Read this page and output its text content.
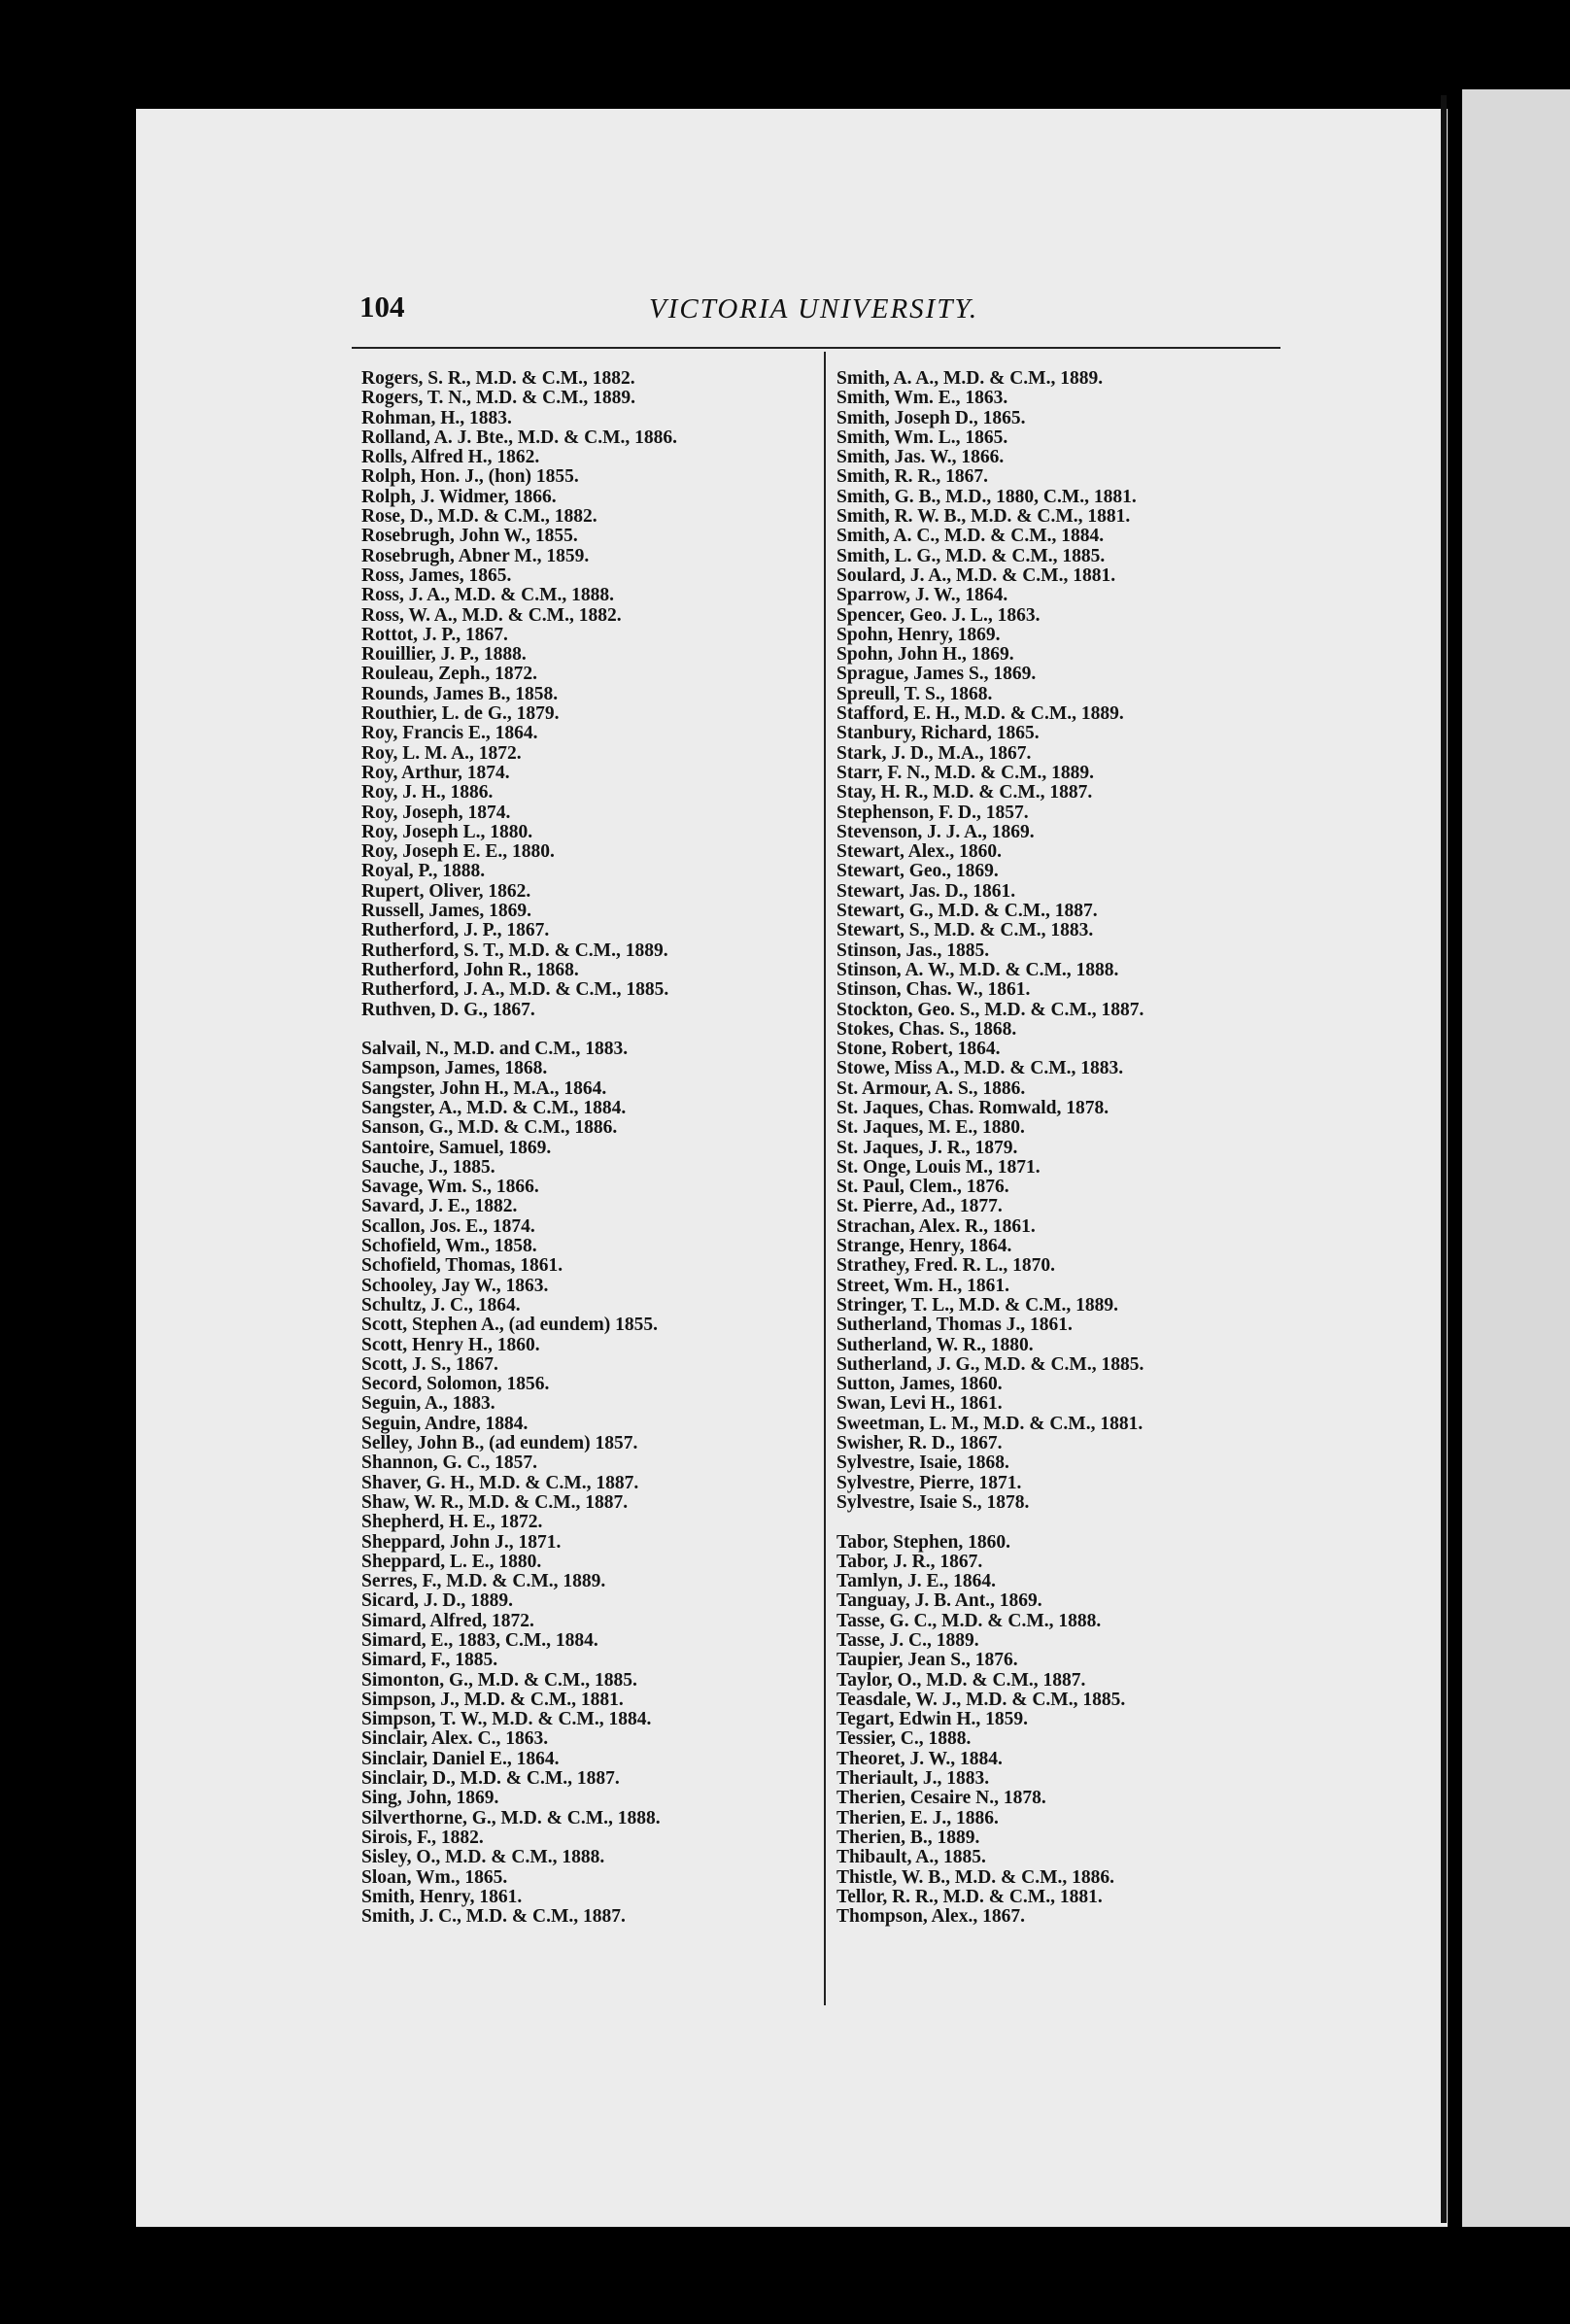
104	VICTORIA UNIVERSITY.
Rogers, S. R., M.D. & C.M., 1882.
Rogers, T. N., M.D. & C.M., 1889.
Rohman, H., 1883.
Rolland, A. J. Bte., M.D. & C.M., 1886.
Rolls, Alfred H., 1862.
Rolph, Hon. J., (hon) 1855.
Rolph, J. Widmer, 1866.
Rose, D., M.D. & C.M., 1882.
Rosebrugh, John W., 1855.
Rosebrugh, Abner M., 1859.
Ross, James, 1865.
Ross, J. A., M.D. & C.M., 1888.
Ross, W. A., M.D. & C.M., 1882.
Rottot, J. P., 1867.
Rouillier, J. P., 1888.
Rouleau, Zeph., 1872.
Rounds, James B., 1858.
Routhier, L. de G., 1879.
Roy, Francis E., 1864.
Roy, L. M. A., 1872.
Roy, Arthur, 1874.
Roy, J. H., 1886.
Roy, Joseph, 1874.
Roy, Joseph L., 1880.
Roy, Joseph E. E., 1880.
Royal, P., 1888.
Rupert, Oliver, 1862.
Russell, James, 1869.
Rutherford, J. P., 1867.
Rutherford, S. T., M.D. & C.M., 1889.
Rutherford, John R., 1868.
Rutherford, J. A., M.D. & C.M., 1885.
Ruthven, D. G., 1867.
Salvail, N., M.D. and C.M., 1883.
Sampson, James, 1868.
Sangster, John H., M.A., 1864.
Sangster, A., M.D. & C.M., 1884.
Sanson, G., M.D. & C.M., 1886.
Santoire, Samuel, 1869.
Sauche, J., 1885.
Savage, Wm. S., 1866.
Savard, J. E., 1882.
Scallon, Jos. E., 1874.
Schofield, Wm., 1858.
Schofield, Thomas, 1861.
Schooley, Jay W., 1863.
Schultz, J. C., 1864.
Scott, Stephen A., (ad eundem) 1855.
Scott, Henry H., 1860.
Scott, J. S., 1867.
Secord, Solomon, 1856.
Seguin, A., 1883.
Seguin, Andre, 1884.
Selley, John B., (ad eundem) 1857.
Shannon, G. C., 1857.
Shaver, G. H., M.D. & C.M., 1887.
Shaw, W. R., M.D. & C.M., 1887.
Shepherd, H. E., 1872.
Sheppard, John J., 1871.
Sheppard, L. E., 1880.
Serres, F., M.D. & C.M., 1889.
Sicard, J. D., 1889.
Simard, Alfred, 1872.
Simard, E., 1883, C.M., 1884.
Simard, F., 1885.
Simonton, G., M.D. & C.M., 1885.
Simpson, J., M.D. & C.M., 1881.
Simpson, T. W., M.D. & C.M., 1884.
Sinclair, Alex. C., 1863.
Sinclair, Daniel E., 1864.
Sinclair, D., M.D. & C.M., 1887.
Sing, John, 1869.
Silverthorne, G., M.D. & C.M., 1888.
Sirois, F., 1882.
Sisley, O., M.D. & C.M., 1888.
Sloan, Wm., 1865.
Smith, Henry, 1861.
Smith, J. C., M.D. & C.M., 1887.
Smith, A. A., M.D. & C.M., 1889.
Smith, Wm. E., 1863.
Smith, Joseph D., 1865.
Smith, Wm. L., 1865.
Smith, Jas. W., 1866.
Smith, R. R., 1867.
Smith, G. B., M.D., 1880, C.M., 1881.
Smith, R. W. B., M.D. & C.M., 1881.
Smith, A. C., M.D. & C.M., 1884.
Smith, L. G., M.D. & C.M., 1885.
Soulard, J. A., M.D. & C.M., 1881.
Sparrow, J. W., 1864.
Spencer, Geo. J. L., 1863.
Spohn, Henry, 1869.
Spohn, John H., 1869.
Sprague, James S., 1869.
Spreull, T. S., 1868.
Stafford, E. H., M.D. & C.M., 1889.
Stanbury, Richard, 1865.
Stark, J. D., M.A., 1867.
Starr, F. N., M.D. & C.M., 1889.
Stay, H. R., M.D. & C.M., 1887.
Stephenson, F. D., 1857.
Stevenson, J. J. A., 1869.
Stewart, Alex., 1860.
Stewart, Geo., 1869.
Stewart, Jas. D., 1861.
Stewart, G., M.D. & C.M., 1887.
Stewart, S., M.D. & C.M., 1883.
Stinson, Jas., 1885.
Stinson, A. W., M.D. & C.M., 1888.
Stinson, Chas. W., 1861.
Stockton, Geo. S., M.D. & C.M., 1887.
Stokes, Chas. S., 1868.
Stone, Robert, 1864.
Stowe, Miss A., M.D. & C.M., 1883.
St. Armour, A. S., 1886.
St. Jaques, Chas. Romwald, 1878.
St. Jaques, M. E., 1880.
St. Jaques, J. R., 1879.
St. Onge, Louis M., 1871.
St. Paul, Clem., 1876.
St. Pierre, Ad., 1877.
Strachan, Alex. R., 1861.
Strange, Henry, 1864.
Strathey, Fred. R. L., 1870.
Street, Wm. H., 1861.
Stringer, T. L., M.D. & C.M., 1889.
Sutherland, Thomas J., 1861.
Sutherland, W. R., 1880.
Sutherland, J. G., M.D. & C.M., 1885.
Sutton, James, 1860.
Swan, Levi H., 1861.
Sweetman, L. M., M.D. & C.M., 1881.
Swisher, R. D., 1867.
Sylvestre, Isaie, 1868.
Sylvestre, Pierre, 1871.
Sylvestre, Isaie S., 1878.
Tabor, Stephen, 1860.
Tabor, J. R., 1867.
Tamlyn, J. E., 1864.
Tanguay, J. B. Ant., 1869.
Tasse, G. C., M.D. & C.M., 1888.
Tasse, J. C., 1889.
Taupier, Jean S., 1876.
Taylor, O., M.D. & C.M., 1887.
Teasdale, W. J., M.D. & C.M., 1885.
Tegart, Edwin H., 1859.
Tessier, C., 1888.
Theoret, J. W., 1884.
Theriault, J., 1883.
Therien, Cesaire N., 1878.
Therien, E. J., 1886.
Therien, B., 1889.
Thibault, A., 1885.
Thistle, W. B., M.D. & C.M., 1886.
Tellor, R. R., M.D. & C.M., 1881.
Thompson, Alex., 1867.
